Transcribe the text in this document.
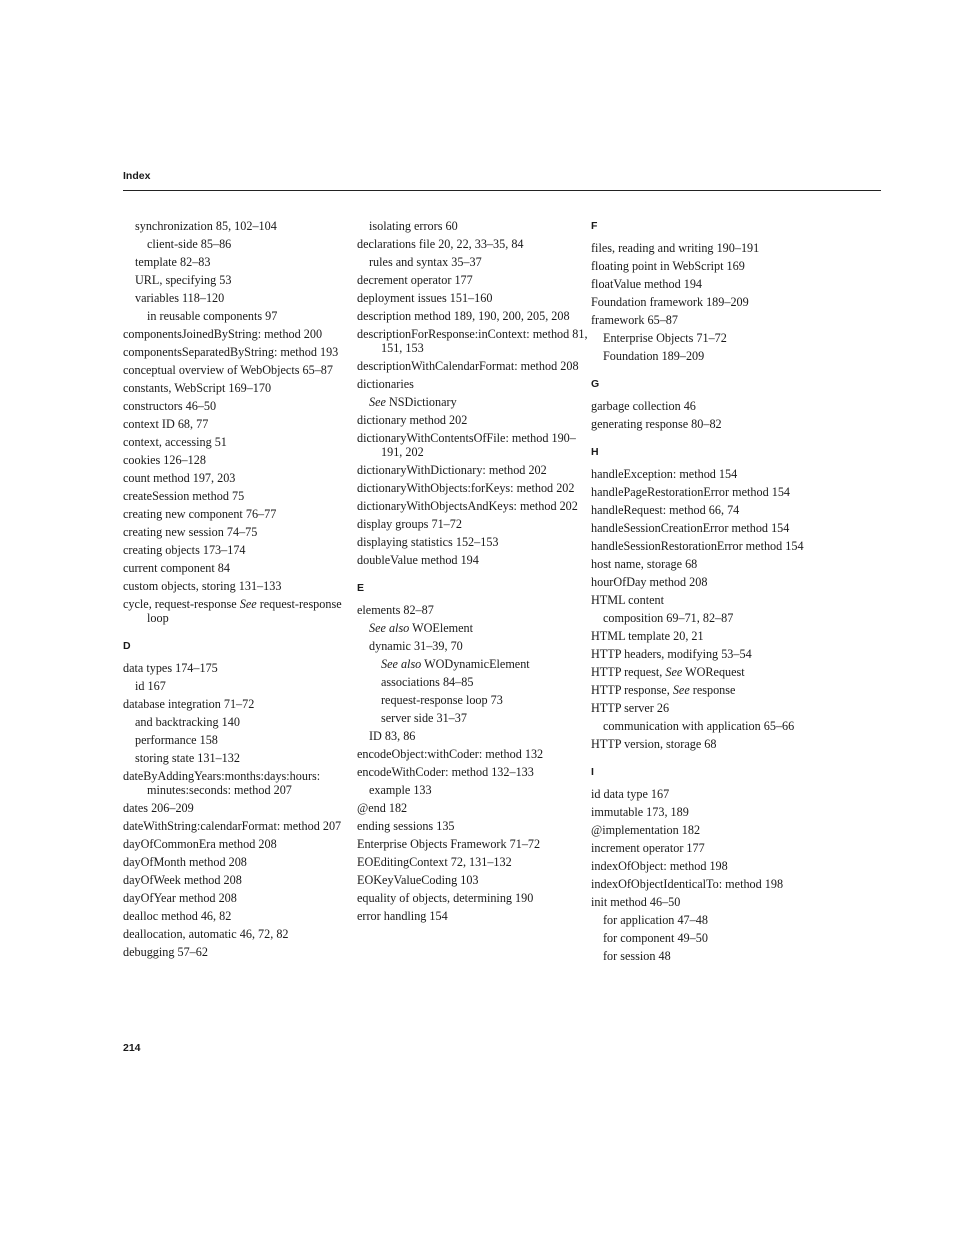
Index
synchronization 85, 102–104
client-side 85–86
template 82–83
URL, specifying 53
variables 118–120
in reusable components 97
componentsJoinedByString: method 200
componentsSeparatedByString: method 193
conceptual overview of WebObjects 65–87
constants, WebScript 169–170
constructors 46–50
context ID 68, 77
context, accessing 51
cookies 126–128
count method 197, 203
createSession method 75
creating new component 76–77
creating new session 74–75
creating objects 173–174
current component 84
custom objects, storing 131–133
cycle, request-response See request-response loop
D
data types 174–175
id 167
database integration 71–72
and backtracking 140
performance 158
storing state 131–132
dateByAddingYears:months:days:hours: minutes:seconds: method 207
dates 206–209
dateWithString:calendarFormat: method 207
dayOfCommonEra method 208
dayOfMonth method 208
dayOfWeek method 208
dayOfYear method 208
dealloc method 46, 82
deallocation, automatic 46, 72, 82
debugging 57–62
isolating errors 60
declarations file 20, 22, 33–35, 84
rules and syntax 35–37
decrement operator 177
deployment issues 151–160
description method 189, 190, 200, 205, 208
descriptionForResponse:inContext: method 81, 151, 153
descriptionWithCalendarFormat: method 208
dictionaries
See NSDictionary
dictionary method 202
dictionaryWithContentsOfFile: method 190–191, 202
dictionaryWithDictionary: method 202
dictionaryWithObjects:forKeys: method 202
dictionaryWithObjectsAndKeys: method 202
display groups 71–72
displaying statistics 152–153
doubleValue method 194
E
elements 82–87
See also WOElement
dynamic 31–39, 70
See also WODynamicElement
associations 84–85
request-response loop 73
server side 31–37
ID 83, 86
encodeObject:withCoder: method 132
encodeWithCoder: method 132–133
example 133
@end 182
ending sessions 135
Enterprise Objects Framework 71–72
EOEditingContext 72, 131–132
EOKeyValueCoding 103
equality of objects, determining 190
error handling 154
F
files, reading and writing 190–191
floating point in WebScript 169
floatValue method 194
Foundation framework 189–209
framework 65–87
Enterprise Objects 71–72
Foundation 189–209
G
garbage collection 46
generating response 80–82
H
handleException: method 154
handlePageRestorationError method 154
handleRequest: method 66, 74
handleSessionCreationError method 154
handleSessionRestorationError method 154
host name, storage 68
hourOfDay method 208
HTML content
composition 69–71, 82–87
HTML template 20, 21
HTTP headers, modifying 53–54
HTTP request, See WORequest
HTTP response, See response
HTTP server 26
communication with application 65–66
HTTP version, storage 68
I
id data type 167
immutable 173, 189
@implementation 182
increment operator 177
indexOfObject: method 198
indexOfObjectIdenticalTo: method 198
init method 46–50
for application 47–48
for component 49–50
for session 48
214
